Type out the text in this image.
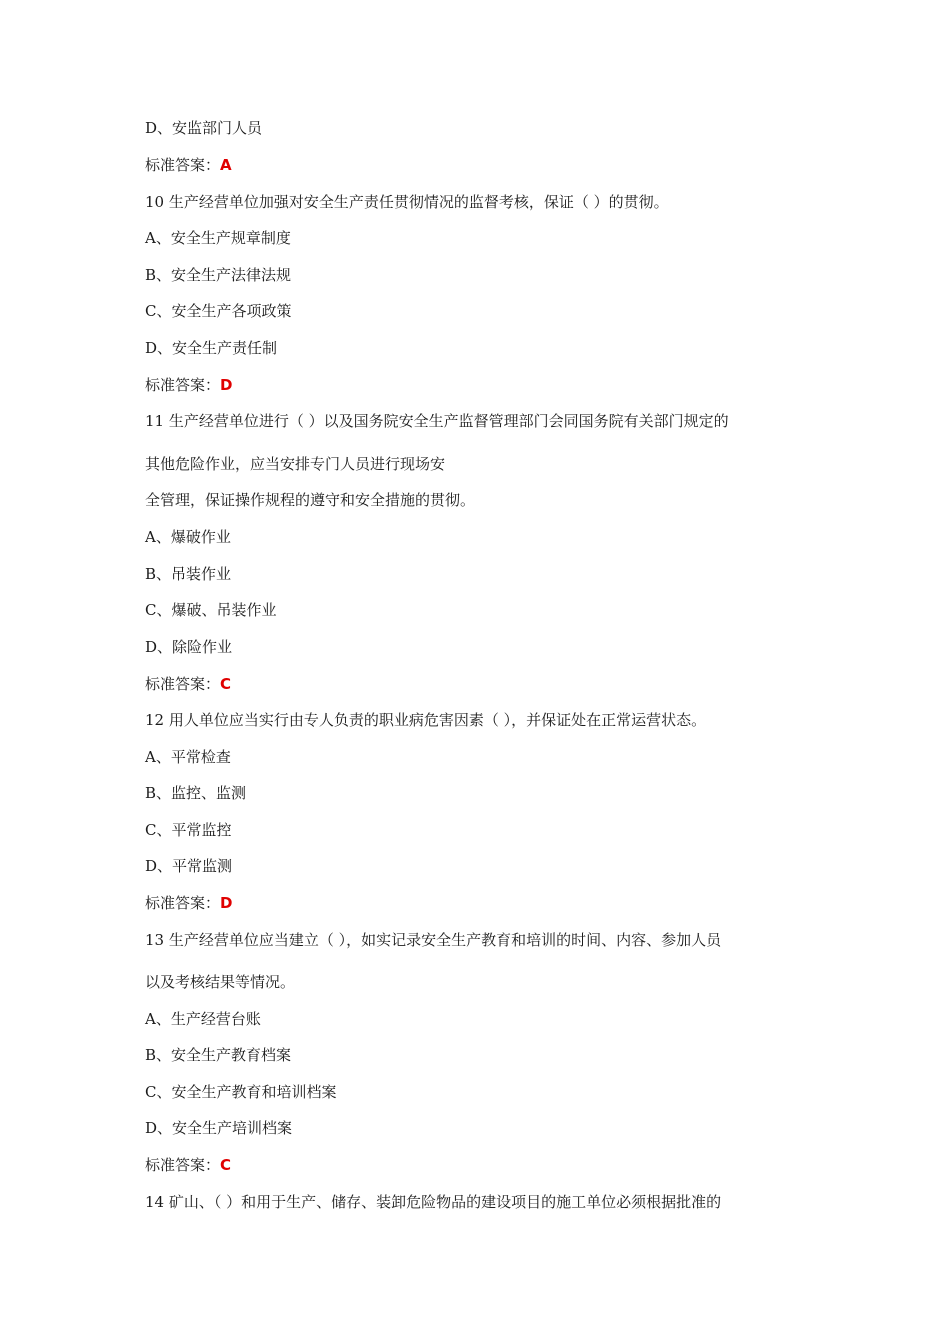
D、安监部门人员
标准答案：A
10 生产经营单位加强对安全生产责任贯彻情况的监督考核，保证（ ）的贯彻。
A、安全生产规章制度
B、安全生产法律法规
C、安全生产各项政策
D、安全生产责任制
标准答案：D
11 生产经营单位进行（ ）以及国务院安全生产监督管理部门会同国务院有关部门规定的
其他危险作业，应当安排专门人员进行现场安
全管理，保证操作规程的遵守和安全措施的贯彻。
A、爆破作业
B、吊装作业
C、爆破、吊装作业
D、除险作业
标准答案：C
12 用人单位应当实行由专人负责的职业病危害因素（ ），并保证处在正常运营状态。
A、平常检查
B、监控、监测
C、平常监控
D、平常监测
标准答案：D
13 生产经营单位应当建立（ ），如实记录安全生产教育和培训的时间、内容、参加人员
以及考核结果等情况。
A、生产经营台账
B、安全生产教育档案
C、安全生产教育和培训档案
D、安全生产培训档案
标准答案：C
14 矿山、（ ）和用于生产、储存、装卸危险物品的建设项目的施工单位必须根据批准的
